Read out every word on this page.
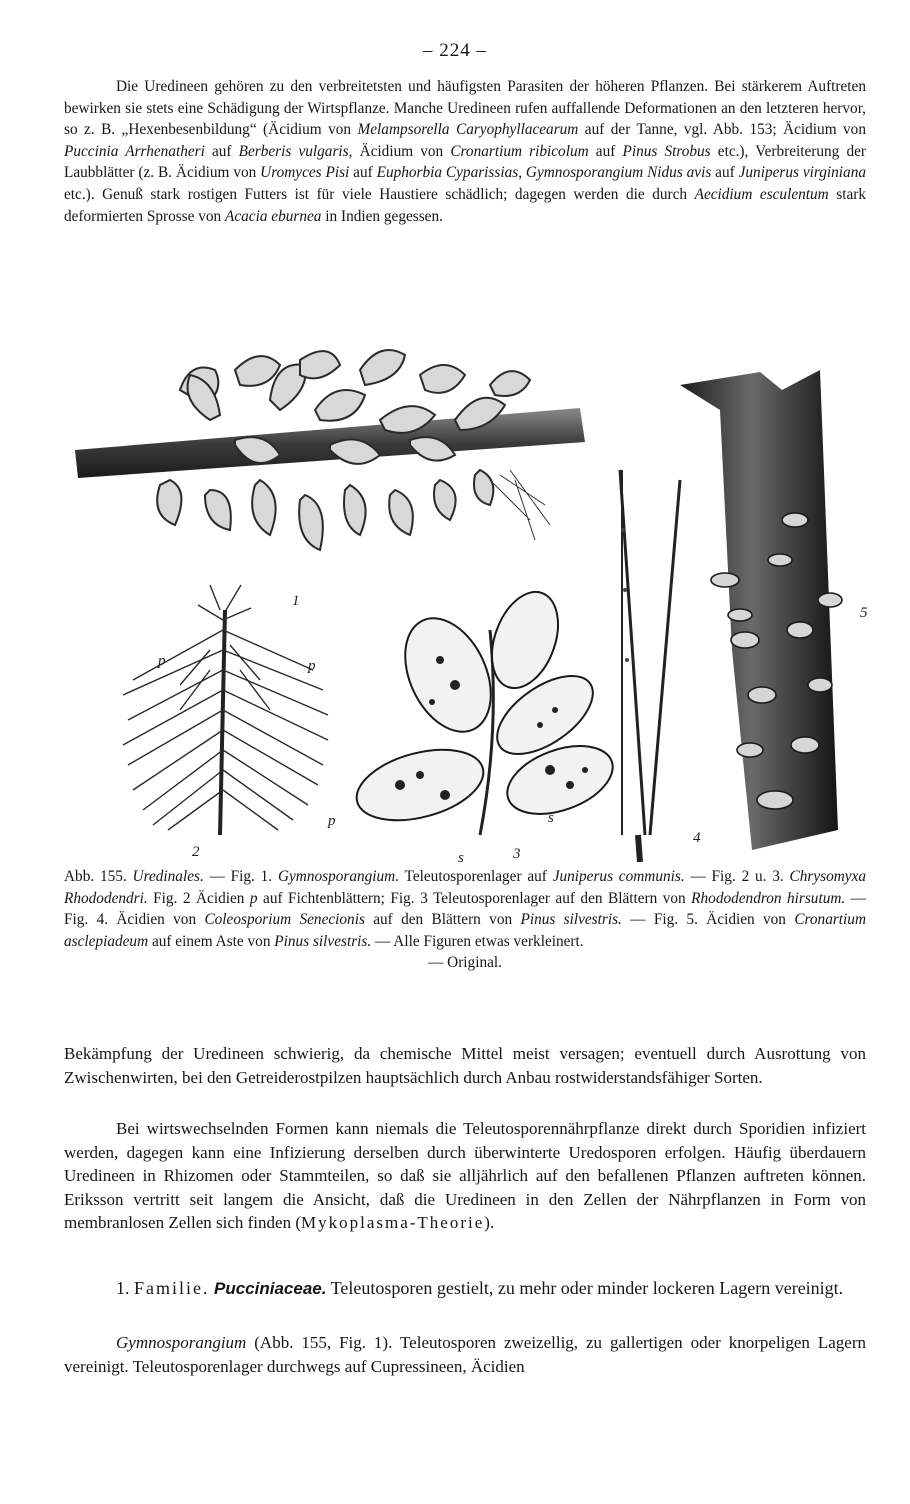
– 224 –

Die Uredineen gehören zu den verbreitetsten und häufigsten Parasiten der höheren Pflanzen. Bei stärkerem Auftreten bewirken sie stets eine Schädigung der Wirtspflanze. Manche Uredineen rufen auffallende Deformationen an den letzteren hervor, so z. B. „Hexenbesenbildung“ (Äcidium von Melampsorella Caryophyllacearum auf der Tanne, vgl. Abb. 153; Äcidium von Puccinia Arrhenatheri auf Berberis vulgaris, Äcidium von Cronartium ribicolum auf Pinus Strobus etc.), Verbreiterung der Laubblätter (z. B. Äcidium von Uromyces Pisi auf Euphorbia Cyparissias, Gymnosporangium Nidus avis auf Juniperus virginiana etc.). Genuß stark rostigen Futters ist für viele Haustiere schädlich; dagegen werden die durch Aecidium esculentum stark deformierten Sprosse von Acacia eburnea in Indien gegessen.

1
p	p
p
2
s
s	3
4
5
Abb. 155. Uredinales. — Fig. 1. Gymnosporangium. Teleutosporenlager auf Juniperus communis. — Fig. 2 u. 3. Chrysomyxa Rhododendri. Fig. 2 Äcidien p auf Fichtenblättern; Fig. 3 Teleutosporenlager auf den Blättern von Rhododendron hirsutum. — Fig. 4. Äcidien von Coleosporium Senecionis auf den Blättern von Pinus silvestris. — Fig. 5. Äcidien von Cronartium asclepiadeum auf einem Aste von Pinus silvestris. — Alle Figuren etwas verkleinert.
— Original.

Bekämpfung der Uredineen schwierig, da chemische Mittel meist versagen; eventuell durch Ausrottung von Zwischenwirten, bei den Getreiderostpilzen hauptsächlich durch Anbau rostwiderstandsfähiger Sorten.

Bei wirtswechselnden Formen kann niemals die Teleutosporennährpflanze direkt durch Sporidien infiziert werden, dagegen kann eine Infizierung derselben durch überwinterte Uredosporen erfolgen. Häufig überdauern Uredineen in Rhizomen oder Stammteilen, so daß sie alljährlich auf den befallenen Pflanzen auftreten können. Eriksson vertritt seit langem die Ansicht, daß die Uredineen in den Zellen der Nährpflanzen in Form von membranlosen Zellen sich finden (Mykoplasma-Theorie).

1. Familie. Pucciniaceae. Teleutosporen gestielt, zu mehr oder minder lockeren Lagern vereinigt.

Gymnosporangium (Abb. 155, Fig. 1). Teleutosporen zweizellig, zu gallertigen oder knorpeligen Lagern vereinigt. Teleutosporenlager durchwegs auf Cupressineen, Äcidien
